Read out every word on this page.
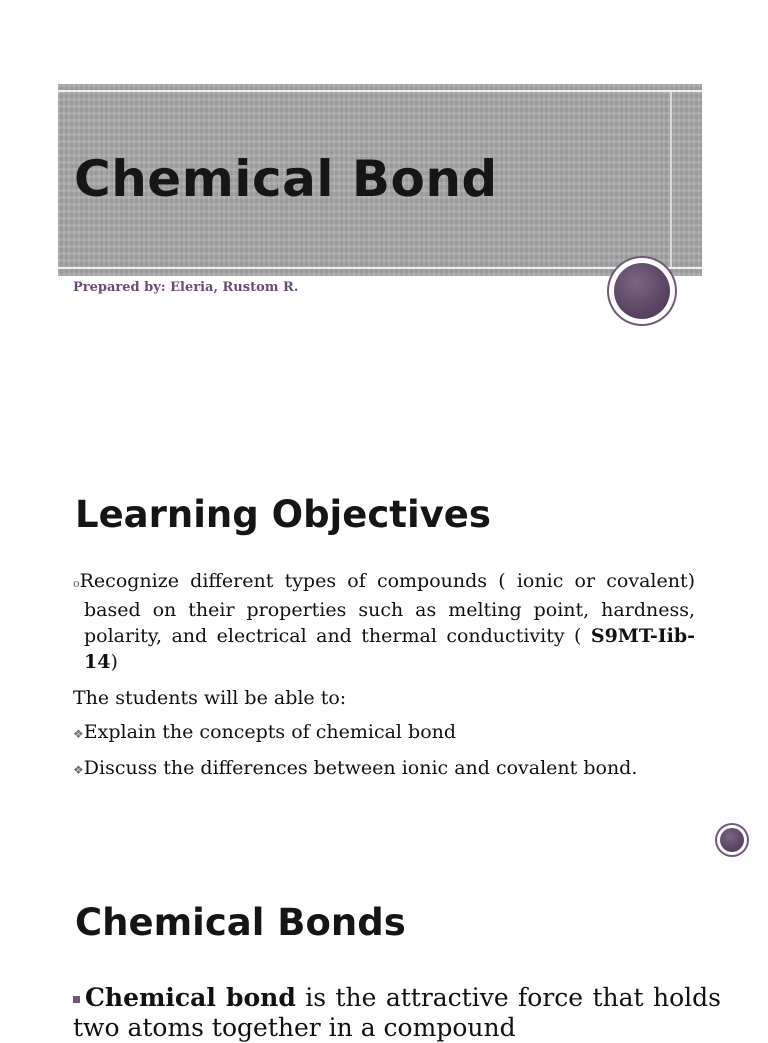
Chemical Bond
Prepared by: Eleria, Rustom R.
Learning Objectives
oRecognize different types of compounds ( ionic or covalent) based on their properties such as melting point, hardness, polarity, and electrical and thermal conductivity ( S9MT-Iib-14)
The students will be able to:
❖Explain the concepts of chemical bond
❖Discuss the differences between ionic and covalent bond.
Chemical Bonds
Chemical bond is the attractive force that holds two atoms together in a compound
